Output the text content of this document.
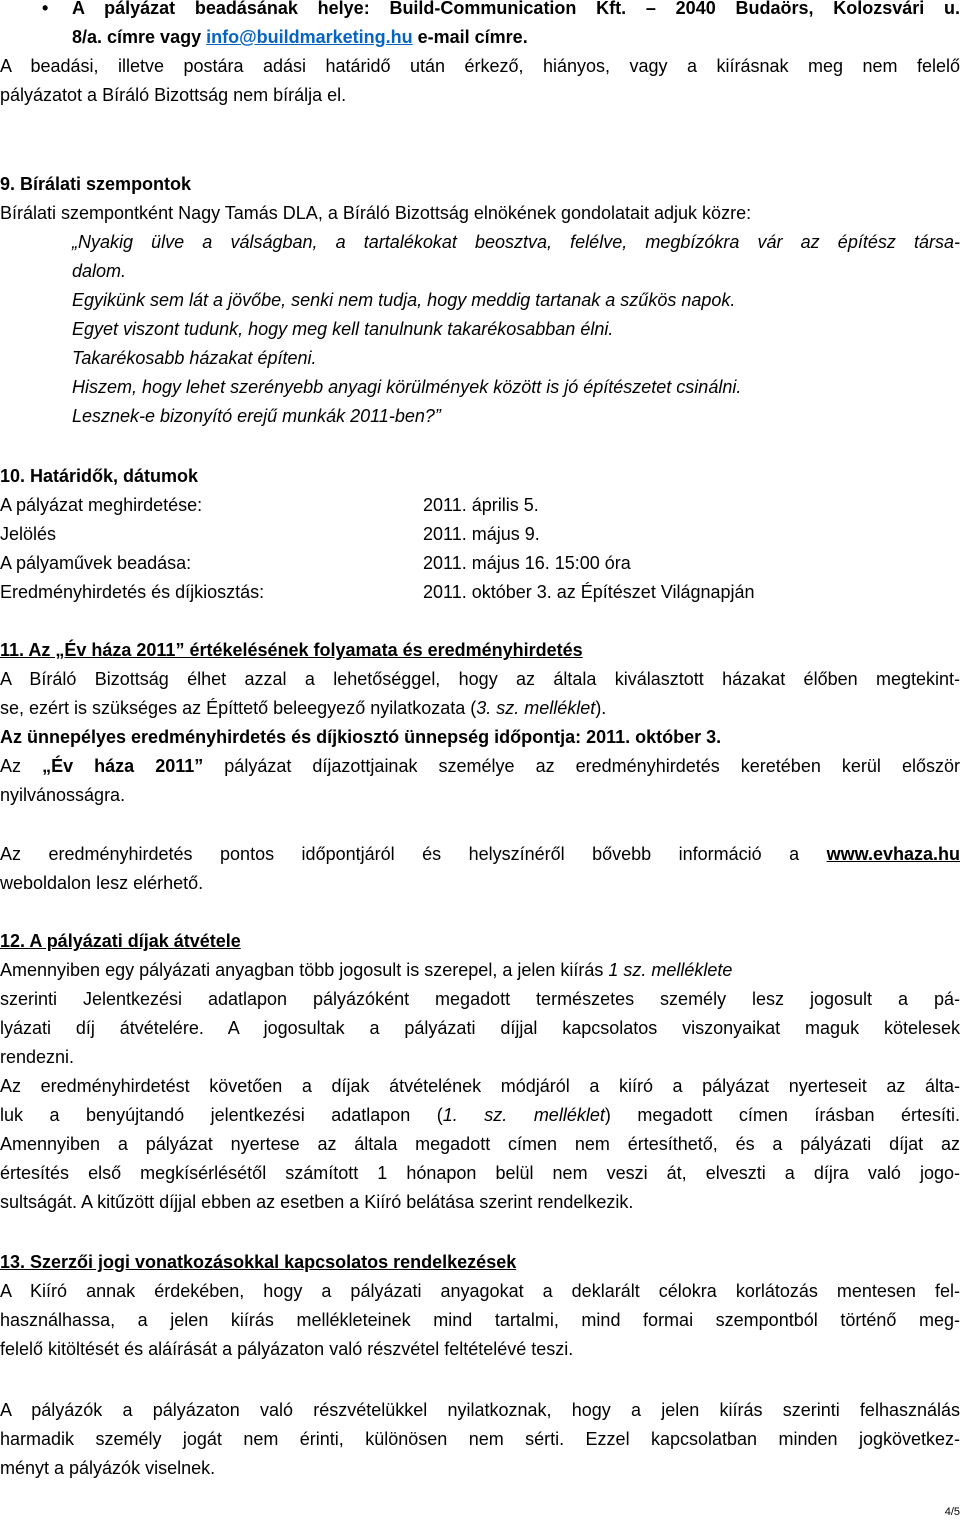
• A pályázat beadásának helye: Build-Communication Kft. – 2040 Budaörs, Kolozsvári u.
8/a. címre vagy info@buildmarketing.hu e-mail címre.
A beadási, illetve postára adási határidő után érkező, hiányos, vagy a kiírásnak meg nem felelő
pályázatot a Bíráló Bizottság nem bírálja el.
9. Bírálati szempontok
Bírálati szempontként Nagy Tamás DLA, a Bíráló Bizottság elnökének gondolatait adjuk közre:
„Nyakig ülve a válságban, a tartalékokat beosztva, felélve, megbízókra vár az építész társa-
dalom.
Egyikünk sem lát a jövőbe, senki nem tudja, hogy meddig tartanak a szűkös napok.
Egyet viszont tudunk, hogy meg kell tanulnunk takarékosabban élni.
Takarékosabb házakat építeni.
Hiszem, hogy lehet szerényebb anyagi körülmények között is jó építészetet csinálni.
Lesznek-e bizonyító erejű munkák 2011-ben?”
10. Határidők, dátumok
A pályázat meghirdetése:	2011. április 5.
Jelölés	2011. május 9.
A pályaművek beadása:	2011. május 16. 15:00 óra
Eredményhirdetés és díjkiosztás:	2011. október 3. az Építészet Világnapján
11. Az „Év háza 2011” értékelésének folyamata és eredményhirdetés
A Bíráló Bizottság élhet azzal a lehetőséggel, hogy az általa kiválasztott házakat élőben megtekint-
se, ezért is szükséges az Építtető beleegyező nyilatkozata (3. sz. melléklet).
Az ünnepélyes eredményhirdetés és díjkiosztó ünnepség időpontja: 2011. október 3.
Az „Év háza 2011” pályázat díjazottjainak személye az eredményhirdetés keretében kerül először
nyilvánosságra.
Az eredményhirdetés pontos időpontjáról és helyszínéről bővebb információ a www.evhaza.hu
weboldalon lesz elérhető.
12. A pályázati díjak átvétele
Amennyiben egy pályázati anyagban több jogosult is szerepel, a jelen kiírás 1 sz. melléklete
szerinti Jelentkezési adatlapon pályázóként megadott természetes személy lesz jogosult a pá-
lyázati díj átvételére. A jogosultak a pályázati díjjal kapcsolatos viszonyaikat maguk kötelesek
rendezni.
Az eredményhirdetést követően a díjak átvételének módjáról a kiíró a pályázat nyerteseit az álta-
luk a benyújtandó jelentkezési adatlapon (1. sz. melléklet) megadott címen írásban értesíti.
Amennyiben a pályázat nyertese az általa megadott címen nem értesíthető, és a pályázati díjat az
értesítés első megkísérlésétől számított 1 hónapon belül nem veszi át, elveszti a díjra való jogo-
sultságát. A kitűzött díjjal ebben az esetben a Kiíró belátása szerint rendelkezik.
13. Szerzői jogi vonatkozásokkal kapcsolatos rendelkezések
A Kiíró annak érdekében, hogy a pályázati anyagokat a deklarált célokra korlátozás mentesen fel-
használhassa, a jelen kiírás mellékleteinek mind tartalmi, mind formai szempontból történő meg-
felelő kitöltését és aláírását a pályázaton való részvétel feltételévé teszi.
A pályázók a pályázaton való részvételükkel nyilatkoznak, hogy a jelen kiírás szerinti felhasználás
harmadik személy jogát nem érinti, különösen nem sérti. Ezzel kapcsolatban minden jogkövetkez-
ményt a pályázók viselnek.
4/5
